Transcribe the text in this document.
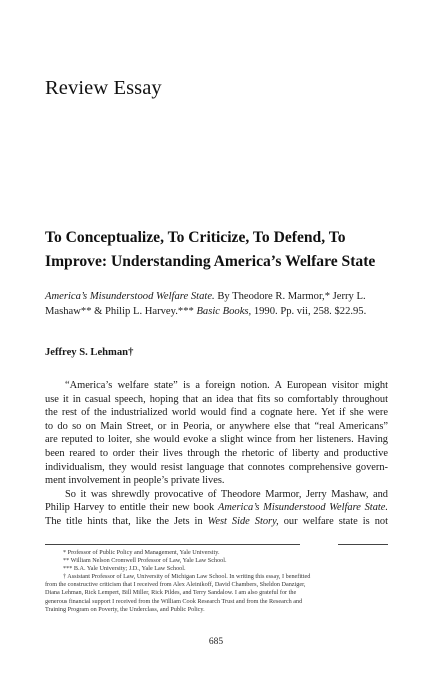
Review Essay
To Conceptualize, To Criticize, To Defend, To
Improve: Understanding America’s Welfare State
America’s Misunderstood Welfare State. By Theodore R. Marmor,* Jerry L.
Mashaw** & Philip L. Harvey.*** Basic Books, 1990. Pp. vii, 258. $22.95.
Jeffrey S. Lehman†
“America’s welfare state” is a foreign notion. A European visitor might
use it in casual speech, hoping that an idea that fits so comfortably throughout
the rest of the industrialized world would find a cognate here. Yet if she were
to do so on Main Street, or in Peoria, or anywhere else that “real Americans”
are reputed to loiter, she would evoke a slight wince from her listeners. Having
been reared to order their lives through the rhetoric of liberty and productive
individualism, they would resist language that connotes comprehensive govern-
ment involvement in people’s private lives.
So it was shrewdly provocative of Theodore Marmor, Jerry Mashaw, and
Philip Harvey to entitle their new book America’s Misunderstood Welfare State.
The title hints that, like the Jets in West Side Story, our welfare state is not
* Professor of Public Policy and Management, Yale University.
** William Nelson Cromwell Professor of Law, Yale Law School.
*** B.A. Yale University; J.D., Yale Law School.
† Assistant Professor of Law, University of Michigan Law School. In writing this essay, I benefitted
from the constructive criticism that I received from Alex Aleinikoff, David Chambers, Sheldon Danziger,
Diana Lehman, Rick Lempert, Bill Miller, Rick Pildes, and Terry Sandalow. I am also grateful for the
generous financial support I received from the William Cook Research Trust and from the Research and
Training Program on Poverty, the Underclass, and Public Policy.
685
